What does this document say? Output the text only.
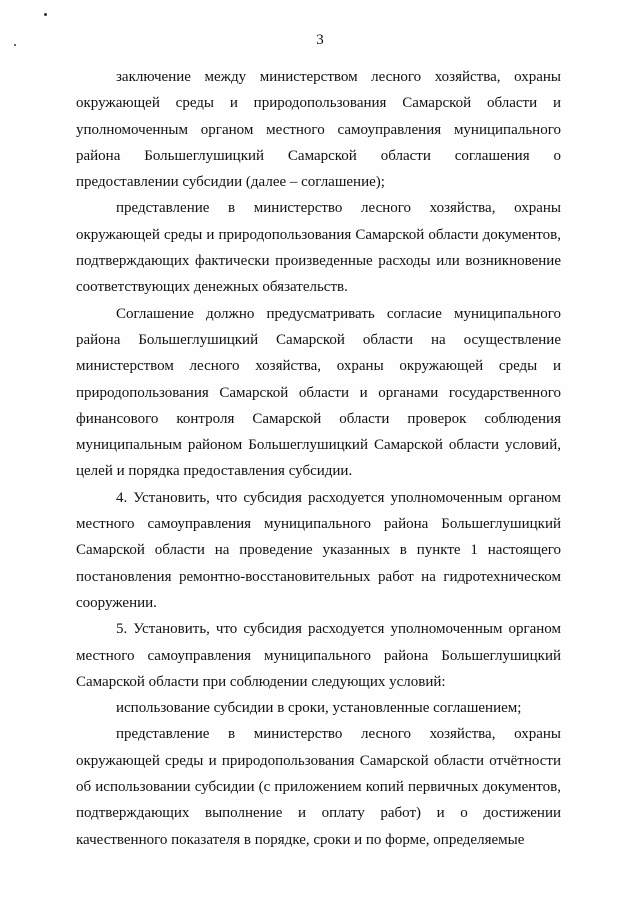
3

заключение между министерством лесного хозяйства, охраны окружающей среды и природопользования Самарской области и уполномоченным органом местного самоуправления муниципального района Большеглушицкий Самарской области соглашения о предоставлении субсидии (далее – соглашение);

представление в министерство лесного хозяйства, охраны окружающей среды и природопользования Самарской области документов, подтверждающих фактически произведенные расходы или возникновение соответствующих денежных обязательств.

Соглашение должно предусматривать согласие муниципального района Большеглушицкий Самарской области на осуществление министерством лесного хозяйства, охраны окружающей среды и природопользования Самарской области и органами государственного финансового контроля Самарской области проверок соблюдения муниципальным районом Большеглушицкий Самарской области условий, целей и порядка предоставления субсидии.

4. Установить, что субсидия расходуется уполномоченным органом местного самоуправления муниципального района Большеглушицкий Самарской области на проведение указанных в пункте 1 настоящего постановления ремонтно-восстановительных работ на гидротехническом сооружении.

5. Установить, что субсидия расходуется уполномоченным органом местного самоуправления муниципального района Большеглушицкий Самарской области при соблюдении следующих условий:

использование субсидии в сроки, установленные соглашением;

представление в министерство лесного хозяйства, охраны окружающей среды и природопользования Самарской области отчётности об использовании субсидии (с приложением копий первичных документов, подтверждающих выполнение и оплату работ) и о достижении качественного показателя в порядке, сроки и по форме, определяемые
